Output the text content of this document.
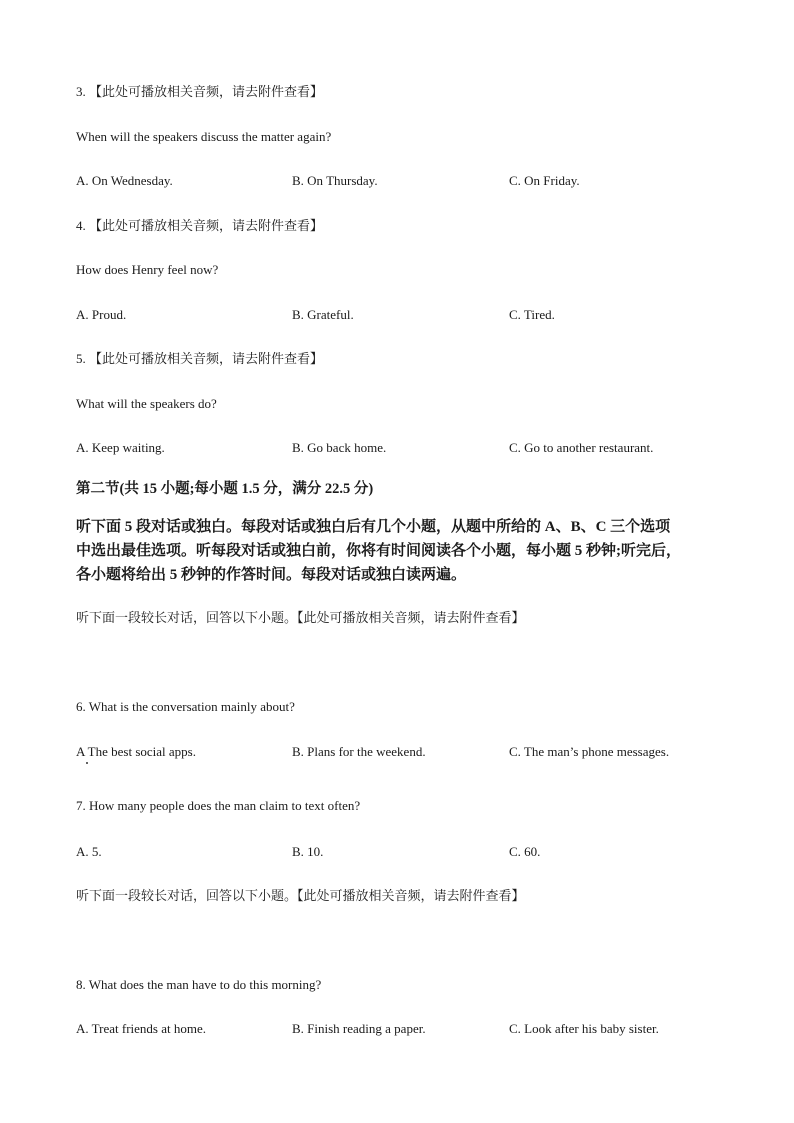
3. 【此处可播放相关音频，请去附件查看】
When will the speakers discuss the matter again?
A. On Wednesday.	B. On Thursday.	C. On Friday.
4. 【此处可播放相关音频，请去附件查看】
How does Henry feel now?
A. Proud.	B. Grateful.	C. Tired.
5. 【此处可播放相关音频，请去附件查看】
What will the speakers do?
A. Keep waiting.	B. Go back home.	C. Go to another restaurant.
第二节(共 15 小题;每小题 1.5 分，满分 22.5 分)
听下面 5 段对话或独白。每段对话或独白后有几个小题，从题中所给的 A、B、C 三个选项
中选出最佳选项。听每段对话或独白前，你将有时间阅读各个小题，每小题 5 秒钟;听完后，
各小题将给出 5 秒钟的作答时间。每段对话或独白读两遍。
听下面一段较长对话，回答以下小题。【此处可播放相关音频，请去附件查看】
6. What is the conversation mainly about?
A The best social apps.	B. Plans for the weekend.	C. The man’s phone messages.
7. How many people does the man claim to text often?
A. 5.	B. 10.	C. 60.
听下面一段较长对话，回答以下小题。【此处可播放相关音频，请去附件查看】
8. What does the man have to do this morning?
A. Treat friends at home.	B. Finish reading a paper.	C. Look after his baby sister.
